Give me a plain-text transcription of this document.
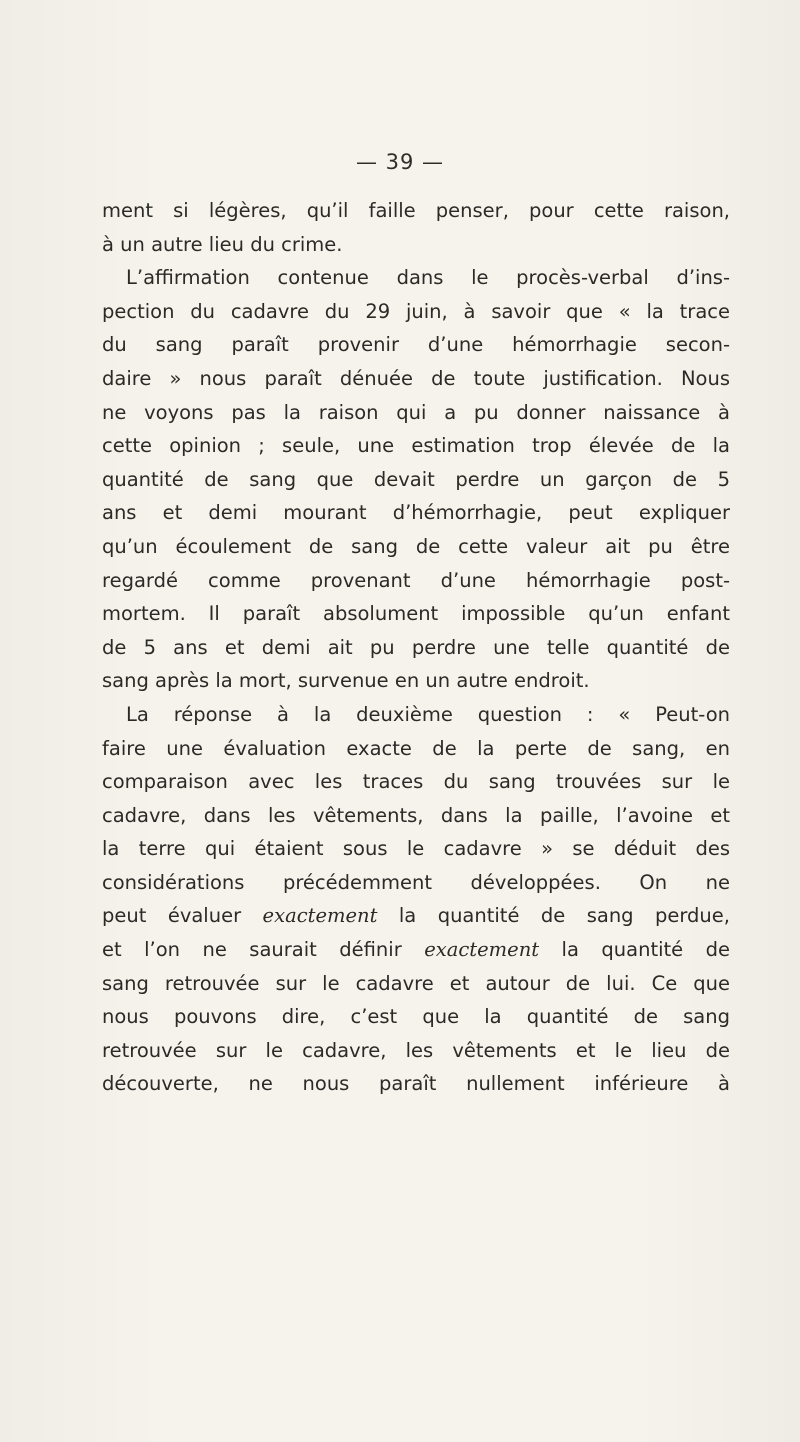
— 39 —
ment si légères, qu’il faille penser, pour cette raison,
à un autre lieu du crime.
L’affirmation contenue dans le procès-verbal d’ins-
pection du cadavre du 29 juin, à savoir que « la trace
du sang paraît provenir d’une hémorrhagie secon-
daire » nous paraît dénuée de toute justification. Nous
ne voyons pas la raison qui a pu donner naissance à
cette opinion ; seule, une estimation trop élevée de la
quantité de sang que devait perdre un garçon de 5
ans et demi mourant d’hémorrhagie, peut expliquer
qu’un écoulement de sang de cette valeur ait pu être
regardé comme provenant d’une hémorrhagie post-
mortem. Il paraît absolument impossible qu’un enfant
de 5 ans et demi ait pu perdre une telle quantité de
sang après la mort, survenue en un autre endroit.
La réponse à la deuxième question : « Peut-on
faire une évaluation exacte de la perte de sang, en
comparaison avec les traces du sang trouvées sur le
cadavre, dans les vêtements, dans la paille, l’avoine et
la terre qui étaient sous le cadavre » se déduit des
considérations précédemment développées. On ne
peut évaluer exactement la quantité de sang perdue,
et l’on ne saurait définir exactement la quantité de
sang retrouvée sur le cadavre et autour de lui. Ce que
nous pouvons dire, c’est que la quantité de sang
retrouvée sur le cadavre, les vêtements et le lieu de
découverte, ne nous paraît nullement inférieure à
